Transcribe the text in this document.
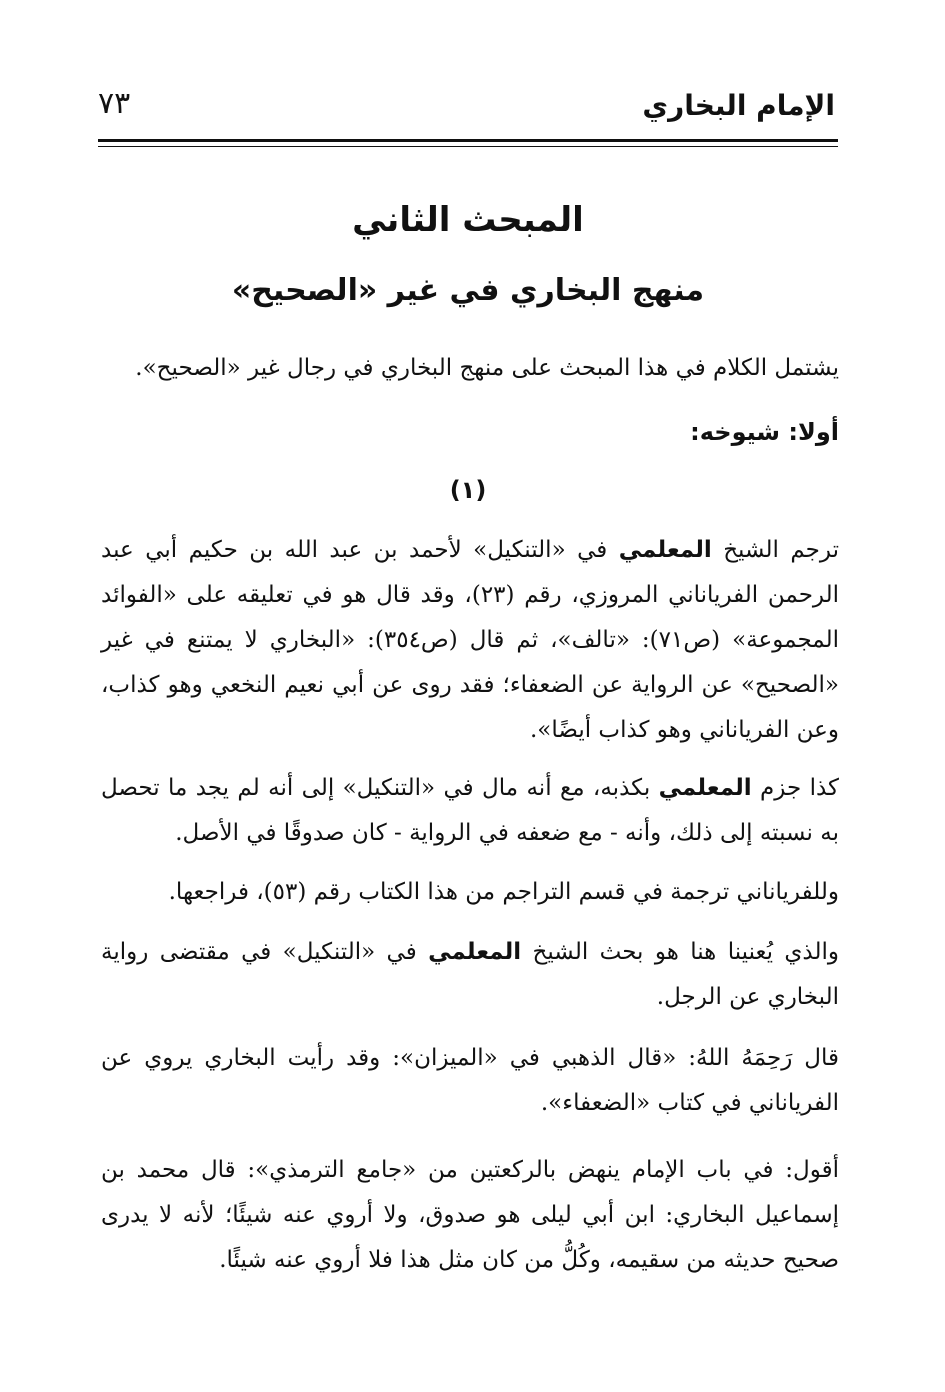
الإمام البخاري
٧٣
المبحث الثاني
منهج البخاري في غير «الصحيح»

يشتمل الكلام في هذا المبحث على منهج البخاري في رجال غير «الصحيح».

أولا: شيوخه:
(١)

ترجم الشيخ المعلمي في «التنكيل» لأحمد بن عبد الله بن حكيم أبي عبد الرحمن الفرياناني المروزي، رقم (٢٣)، وقد قال هو في تعليقه على «الفوائد المجموعة» (ص٧١): «تالف»، ثم قال (ص٣٥٤): «البخاري لا يمتنع في غير «الصحيح» عن الرواية عن الضعفاء؛ فقد روى عن أبي نعيم النخعي وهو كذاب، وعن الفرياناني وهو كذاب أيضًا».

كذا جزم المعلمي بكذبه، مع أنه مال في «التنكيل» إلى أنه لم يجد ما تحصل به نسبته إلى ذلك، وأنه - مع ضعفه في الرواية - كان صدوقًا في الأصل.

وللفرياناني ترجمة في قسم التراجم من هذا الكتاب رقم (٥٣)، فراجعها.

والذي يُعنينا هنا هو بحث الشيخ المعلمي في «التنكيل» في مقتضى رواية البخاري عن الرجل.

قال رَحِمَهُ اللهُ: «قال الذهبي في «الميزان»: وقد رأيت البخاري يروي عن الفرياناني في كتاب «الضعفاء».

أقول: في باب الإمام ينهض بالركعتين من «جامع الترمذي»: قال محمد بن إسماعيل البخاري: ابن أبي ليلى هو صدوق، ولا أروي عنه شيئًا؛ لأنه لا يدرى صحيح حديثه من سقيمه، وكُلُّ من كان مثل هذا فلا أروي عنه شيئًا.
